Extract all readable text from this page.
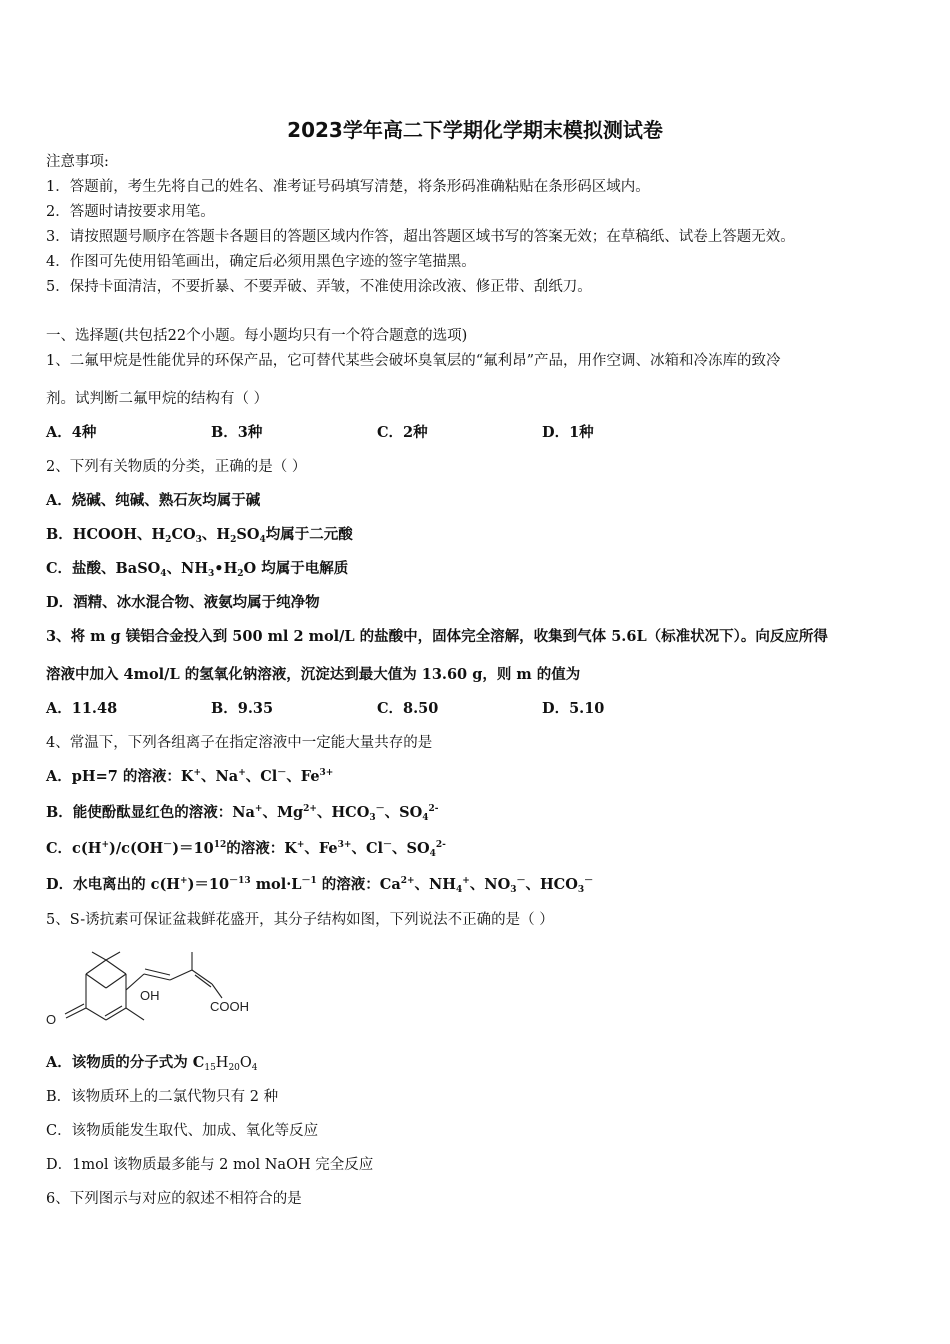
2023学年高二下学期化学期末模拟测试卷
注意事项:
1．答题前，考生先将自己的姓名、准考证号码填写清楚，将条形码准确粘贴在条形码区域内。
2．答题时请按要求用笔。
3．请按照题号顺序在答题卡各题目的答题区域内作答，超出答题区域书写的答案无效；在草稿纸、试卷上答题无效。
4．作图可先使用铅笔画出，确定后必须用黑色字迹的签字笔描黑。
5．保持卡面清洁，不要折暴、不要弄破、弄皱，不准使用涂改液、修正带、刮纸刀。
一、选择题(共包括22个小题。每小题均只有一个符合题意的选项)
1、二氟甲烷是性能优异的环保产品，它可替代某些会破坏臭氧层的“氟利昂”产品，用作空调、冰箱和冷冻库的致冷
剂。试判断二氟甲烷的结构有（ ）
A．4种	B．3种	C．2种	D．1种
2、下列有关物质的分类，正确的是（ ）
A．烧碱、纯碱、熟石灰均属于碱
B．HCOOH、$H_2CO_3$、$H_2SO_4$均属于二元酸
C．盐酸、BaSO$_4$、$NH_3•H_2O$ 均属于电解质
D．酒精、冰水混合物、液氨均属于纯净物
3、将 m g 镁铝合金投入到 500 ml 2 mol/L 的盐酸中，固体完全溶解，收集到气体 5.6L（标准状况下）。向反应所得
溶液中加入 4mol/L 的氢氧化钠溶液，沉淀达到最大值为 13.60 g，则 m 的值为
A．11.48	B．9.35	C．8.50	D．5.10
4、常温下，下列各组离子在指定溶液中一定能大量共存的是
A．pH=7 的溶液：K+、Na+、Cl－、$Fe^{3+}$
B．能使酚酞显红色的溶液：Na+、$Mg^{2+}$、$HCO_3^-$、$SO_4^{2-}$
C．$c(H^+)/c(OH^-)=10^{12}$的溶液：K+、$Fe^{3+}$、Cl－、$SO_4^{2-}$
D．水电离出的 $c(H^+)=10^{-13}$ $mol\cdot L^{-1}$ 的溶液：$Ca^{2+}$、$NH_4^+$、$NO_3^-$、$HCO_3^-$
5、S-诱抗素可保证盆栽鲜花盛开，其分子结构如图，下列说法不正确的是（ ）
OH
COOH
O
A．该物质的分子式为 $C_{15}H_{20}O_4$
B．该物质环上的二氯代物只有 2 种
C．该物质能发生取代、加成、氧化等反应
D．1mol 该物质最多能与 2 mol NaOH 完全反应
6、下列图示与对应的叙述不相符合的是
